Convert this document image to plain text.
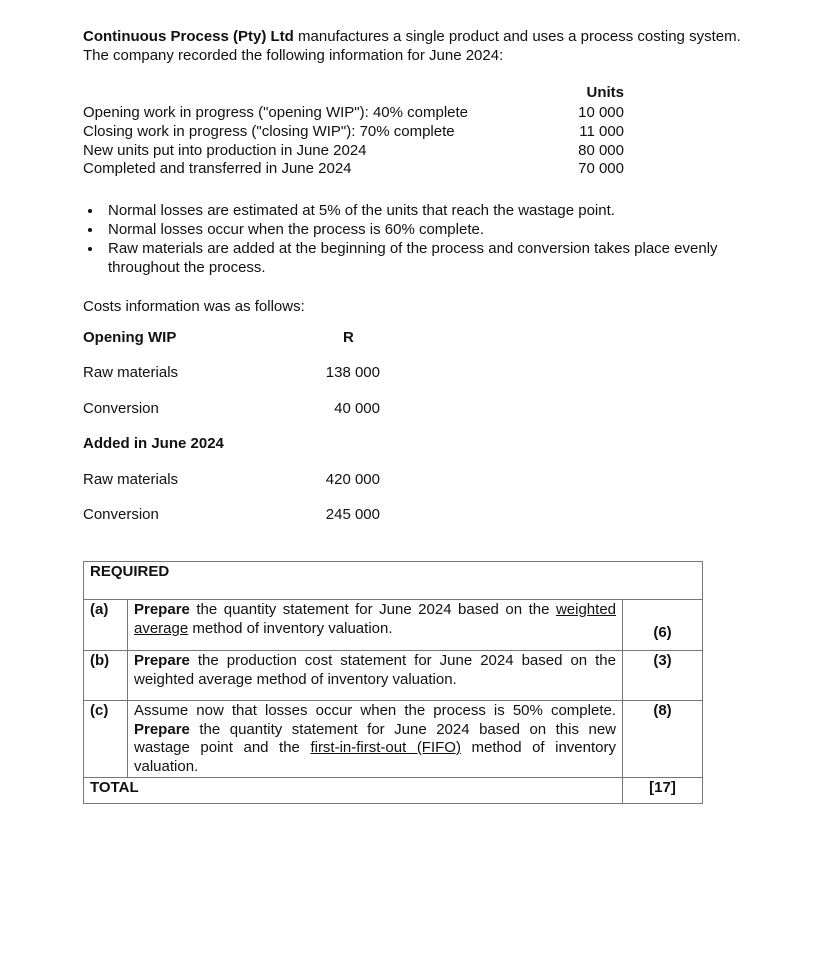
Continuous Process (Pty) Ltd manufactures a single product and uses a process costing system. The company recorded the following information for June 2024:
Units
Opening work in progress ("opening WIP"): 40% complete	10 000
Closing work in progress ("closing WIP"): 70% complete	11 000
New units put into production in June 2024	80 000
Completed and transferred in June 2024	70 000
Normal losses are estimated at 5% of the units that reach the wastage point.
Normal losses occur when the process is 60% complete.
Raw materials are added at the beginning of the process and conversion takes place evenly throughout the process.
Costs information was as follows:
Opening WIP	R
Raw materials	138 000
Conversion	40 000
Added in June 2024
Raw materials	420 000
Conversion	245 000
REQUIRED		
(a)	Prepare the quantity statement for June 2024 based on the weighted average method of inventory valuation.	(6)
(b)	Prepare the production cost statement for June 2024 based on the weighted average method of inventory valuation.	(3)
(c)	Assume now that losses occur when the process is 50% complete. Prepare the quantity statement for June 2024 based on this new wastage point and the first-in-first-out (FIFO) method of inventory valuation.	(8)
TOTAL		[17]
